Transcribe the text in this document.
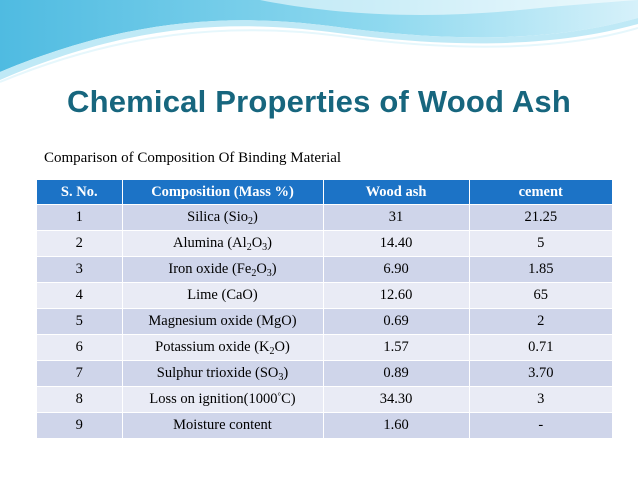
Chemical Properties of Wood Ash
Comparison of Composition Of Binding Material
S. No.	Composition (Mass %)	Wood ash	cement
1	Silica (Sio$_2$)	31	21.25
2	Alumina $(Al_2O_3)$	14.40	5
3	Iron oxide $(Fe_2O_3)$	6.90	1.85
4	Lime (CaO)	12.60	65
5	Magnesium oxide (MgO)	0.69	2
6	Potassium oxide $(K_2O)$	1.57	0.71
7	Sulphur trioxide $(SO_3)$	0.89	3.70
8	Loss on ignition(1000°C)	34.30	3
9	Moisture content	1.60	-
